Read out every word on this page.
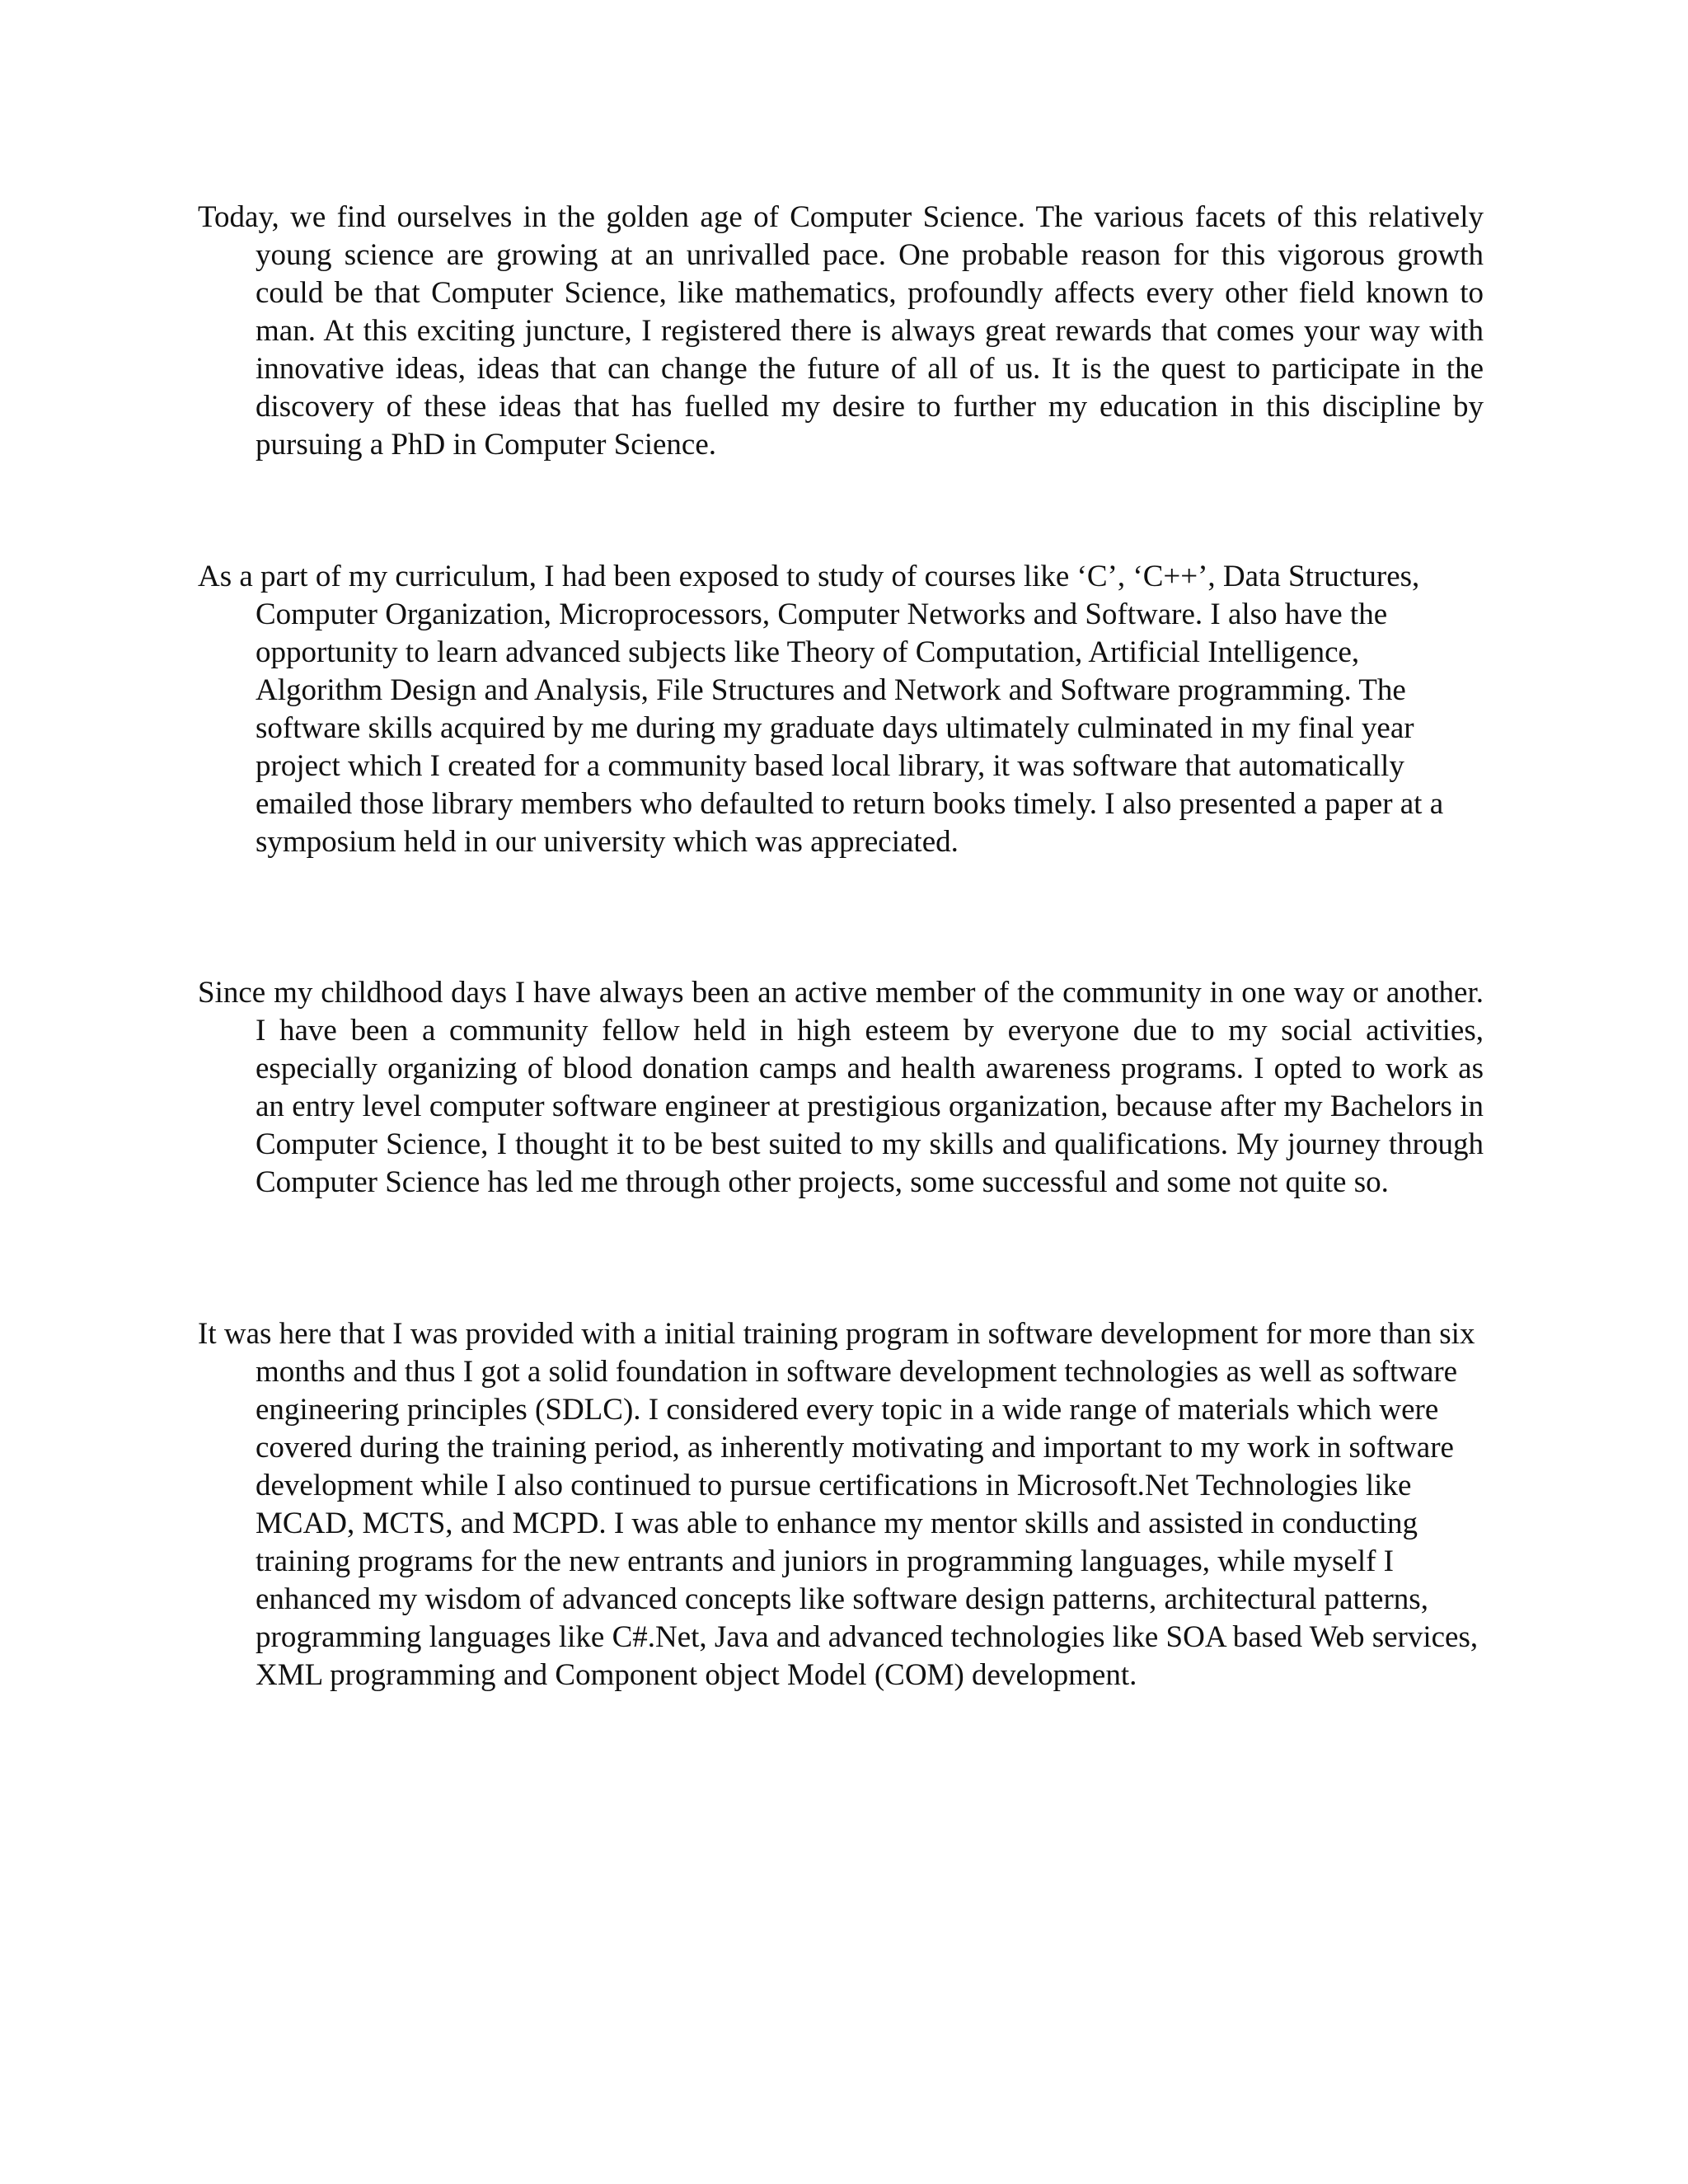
Today, we find ourselves in the golden age of Computer Science. The various facets of this relatively young science are growing at an unrivalled pace. One probable reason for this vigorous growth could be that Computer Science, like mathematics, profoundly affects every other field known to man. At this exciting juncture, I registered there is always great rewards that comes your way with innovative ideas, ideas that can change the future of all of us. It is the quest to participate in the discovery of these ideas that has fuelled my desire to further my education in this discipline by pursuing a PhD in Computer Science.

As a part of my curriculum, I had been exposed to study of courses like ‘C’, ‘C++’, Data Structures, Computer Organization, Microprocessors, Computer Networks and Software. I also have the opportunity to learn advanced subjects like Theory of Computation, Artificial Intelligence, Algorithm Design and Analysis, File Structures and Network and Software programming. The software skills acquired by me during my graduate days ultimately culminated in my final year project which I created for a community based local library, it was software that automatically emailed those library members who defaulted to return books timely. I also presented a paper at a symposium held in our university which was appreciated.

Since my childhood days I have always been an active member of the community in one way or another. I have been a community fellow held in high esteem by everyone due to my social activities, especially organizing of blood donation camps and health awareness programs. I opted to work as an entry level computer software engineer at prestigious organization, because after my Bachelors in Computer Science, I thought it to be best suited to my skills and qualifications. My journey through Computer Science has led me through other projects, some successful and some not quite so.

It was here that I was provided with a initial training program in software development for more than six months and thus I got a solid foundation in software development technologies as well as software engineering principles (SDLC). I considered every topic in a wide range of materials which were covered during the training period, as inherently motivating and important to my work in software development while I also continued to pursue certifications in Microsoft.Net Technologies like MCAD, MCTS, and MCPD. I was able to enhance my mentor skills and assisted in conducting training programs for the new entrants and juniors in programming languages, while myself I enhanced my wisdom of advanced concepts like software design patterns, architectural patterns, programming languages like C#.Net, Java and advanced technologies like SOA based Web services, XML programming and Component object Model (COM) development.
